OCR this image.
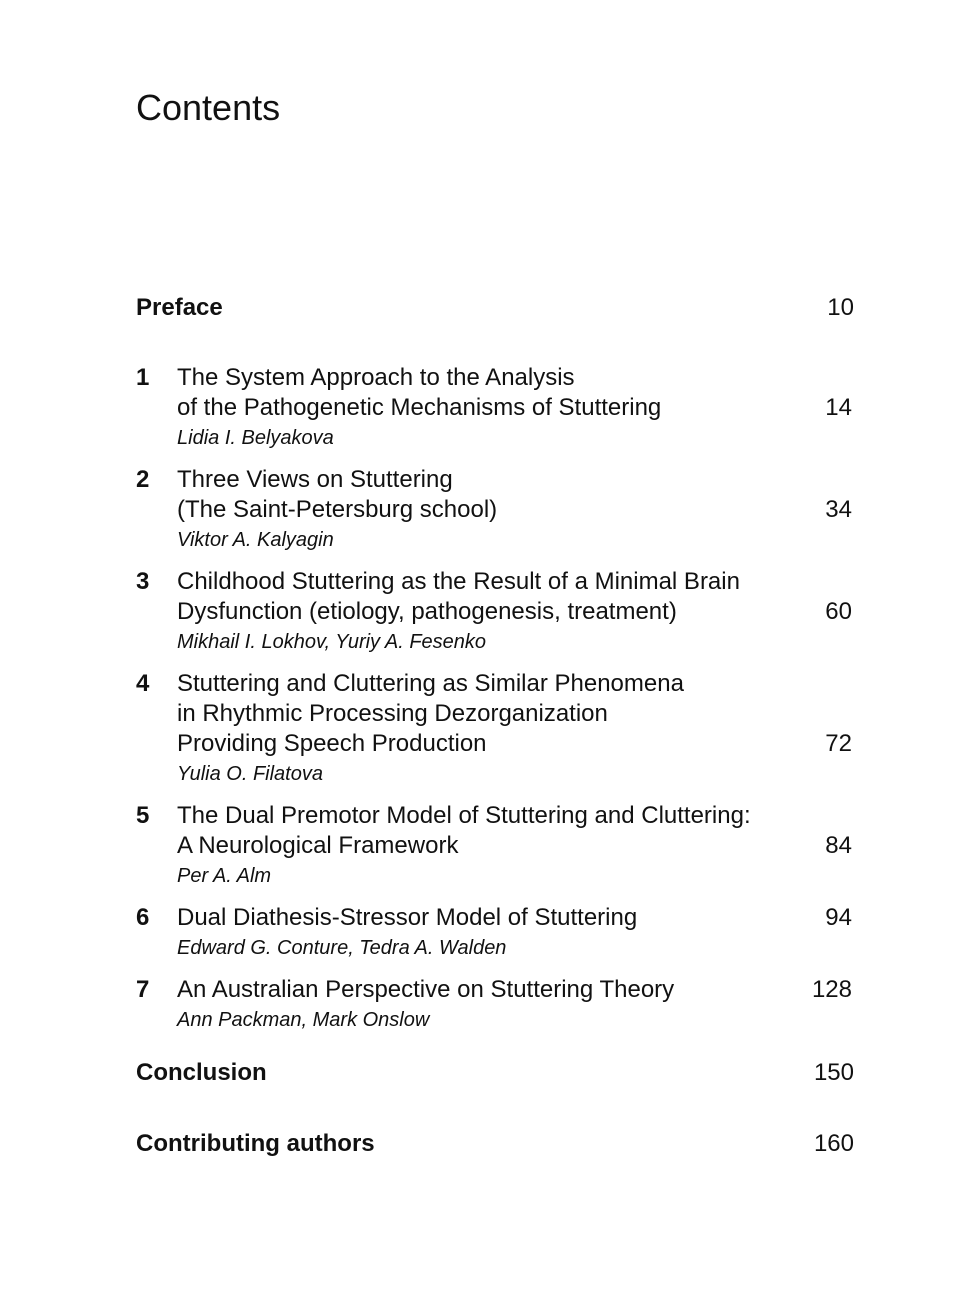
Contents
Preface	10
1	The System Approach to the Analysis
of the Pathogenetic Mechanisms of Stuttering	14
Lidia I. Belyakova
2	Three Views on Stuttering
(The Saint-Petersburg school)	34
Viktor A. Kalyagin
3	Childhood Stuttering as the Result of a Minimal Brain
Dysfunction (etiology, pathogenesis, treatment)	60
Mikhail I. Lokhov, Yuriy A. Fesenko
4	Stuttering and Cluttering as Similar Phenomena
in Rhythmic Processing Dezorganization
Providing Speech Production	72
Yulia O. Filatova
5	The Dual Premotor Model of Stuttering and Cluttering:
A Neurological Framework	84
Per A. Alm
6	Dual Diathesis-Stressor Model of Stuttering	94
Edward G. Conture, Tedra A. Walden
7	An Australian Perspective on Stuttering Theory	128
Ann Packman, Mark Onslow
Conclusion	150
Contributing authors	160
